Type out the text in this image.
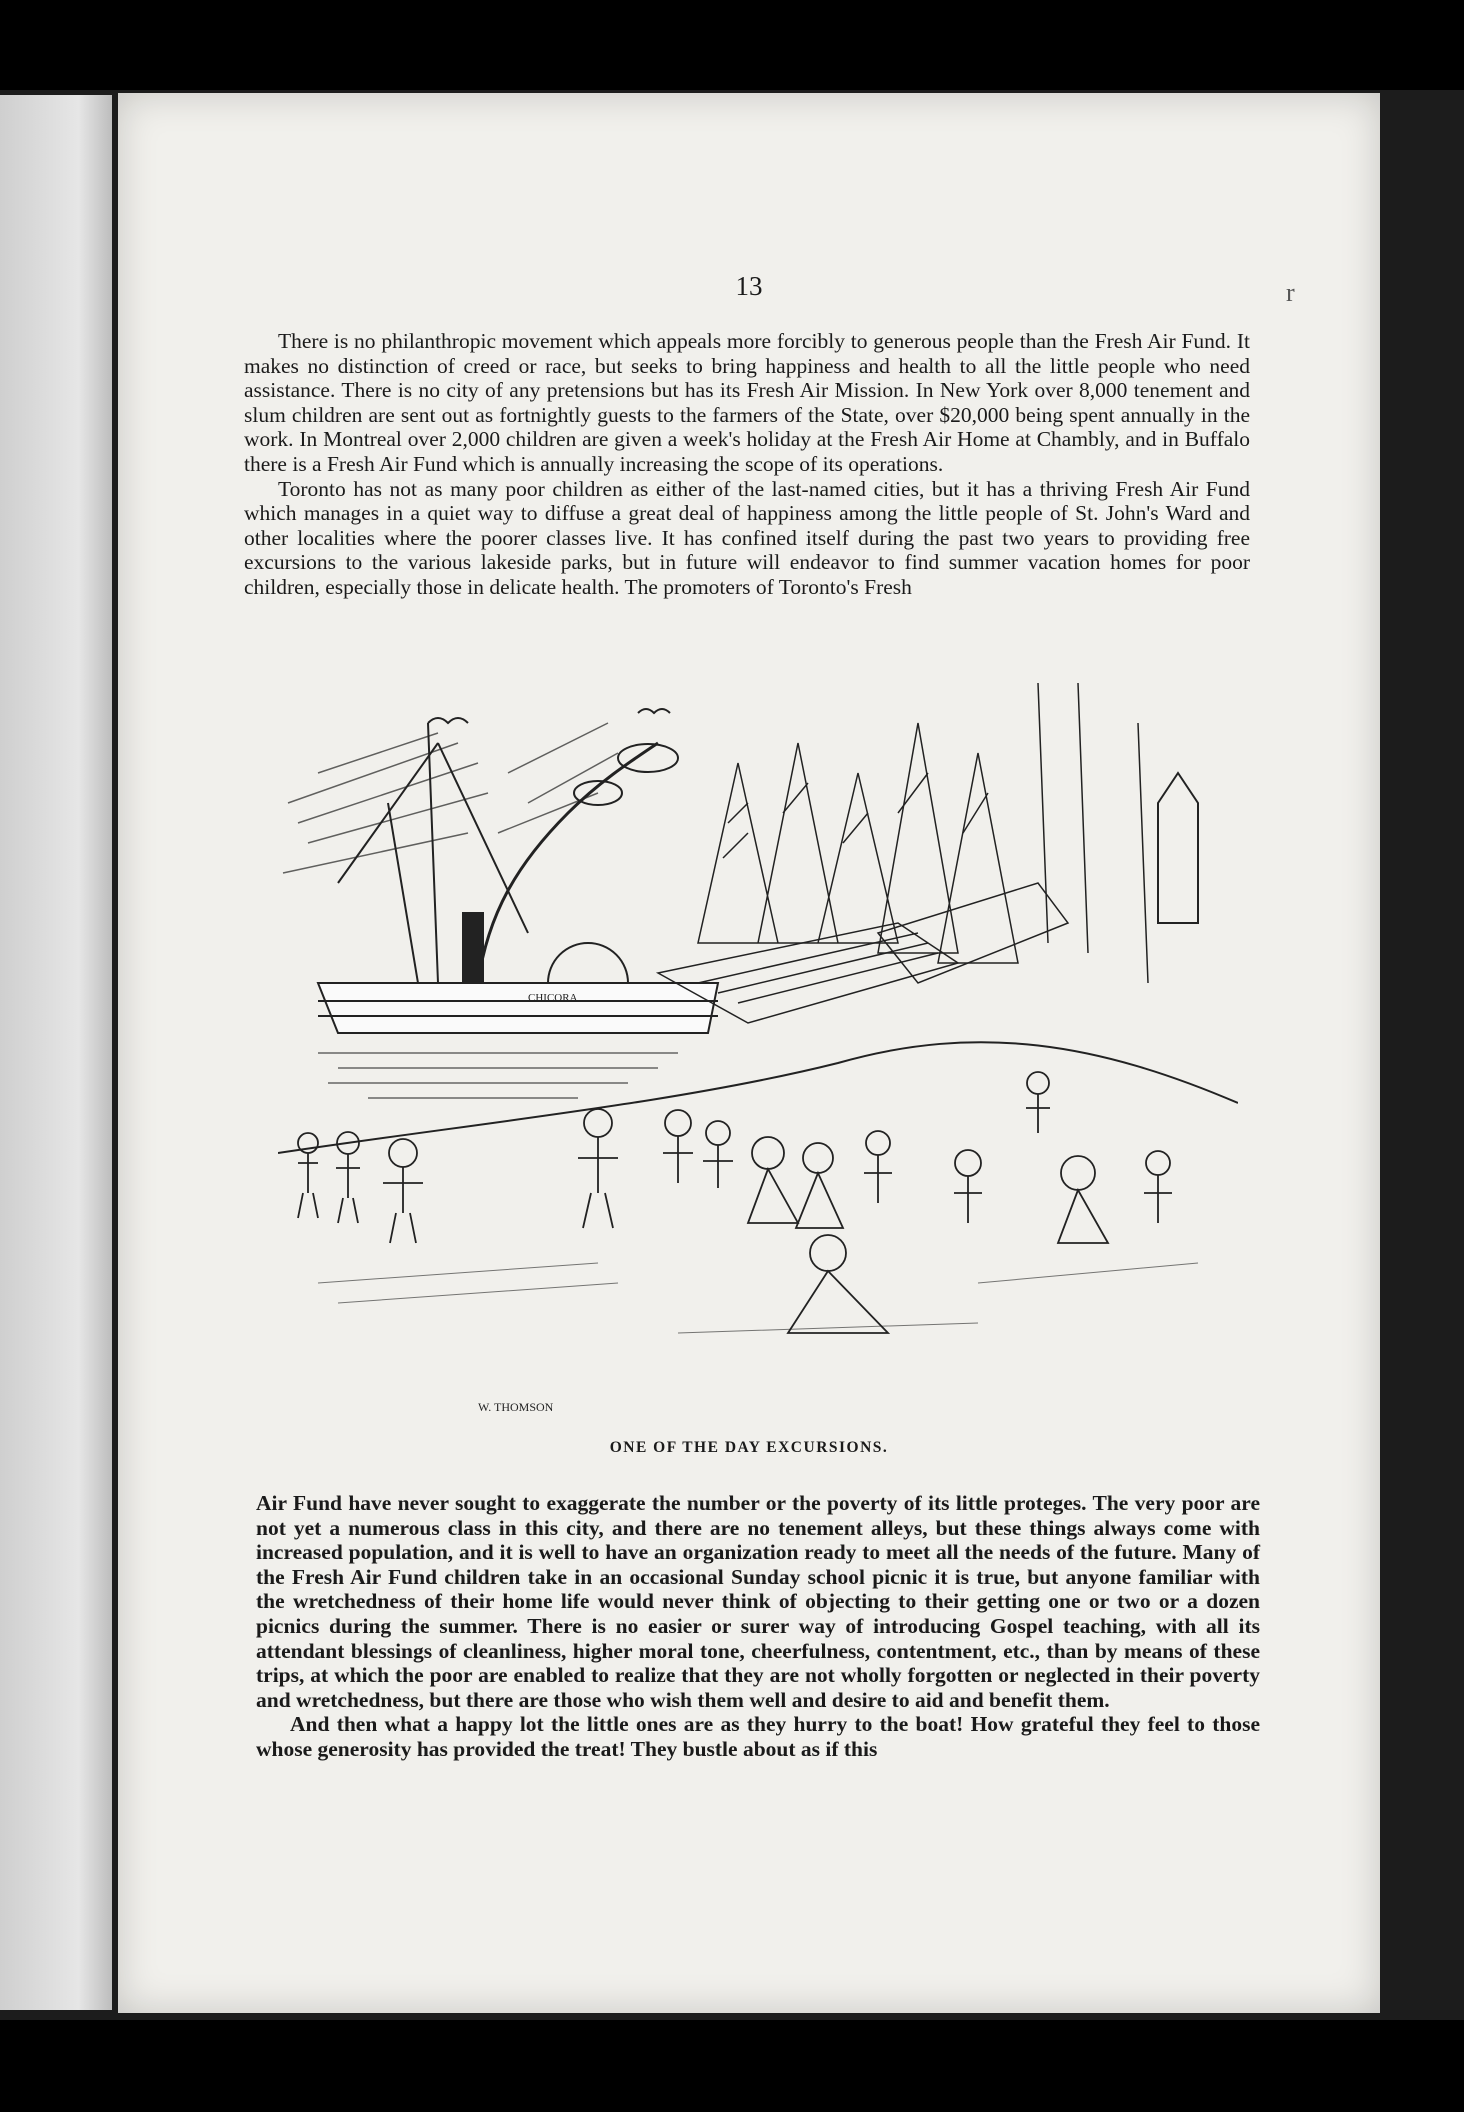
13	r

There is no philanthropic movement which appeals more forcibly to generous people than the Fresh Air Fund. It makes no distinction of creed or race, but seeks to bring happiness and health to all the little people who need assistance. There is no city of any pretensions but has its Fresh Air Mission. In New York over 8,000 tenement and slum children are sent out as fortnightly guests to the farmers of the State, over $20,000 being spent annually in the work. In Montreal over 2,000 children are given a week's holiday at the Fresh Air Home at Chambly, and in Buffalo there is a Fresh Air Fund which is annually increasing the scope of its operations.

Toronto has not as many poor children as either of the last-named cities, but it has a thriving Fresh Air Fund which manages in a quiet way to diffuse a great deal of happiness among the little people of St. John's Ward and other localities where the poorer classes live. It has confined itself during the past two years to providing free excursions to the various lakeside parks, but in future will endeavor to find summer vacation homes for poor children, especially those in delicate health. The promoters of Toronto's Fresh

CHICORA
W. THOMSON
ONE OF THE DAY EXCURSIONS.

Air Fund have never sought to exaggerate the number or the poverty of its little proteges. The very poor are not yet a numerous class in this city, and there are no tenement alleys, but these things always come with increased population, and it is well to have an organization ready to meet all the needs of the future. Many of the Fresh Air Fund children take in an occasional Sunday school picnic it is true, but anyone familiar with the wretchedness of their home life would never think of objecting to their getting one or two or a dozen picnics during the summer. There is no easier or surer way of introducing Gospel teaching, with all its attendant blessings of cleanliness, higher moral tone, cheerfulness, contentment, etc., than by means of these trips, at which the poor are enabled to realize that they are not wholly forgotten or neglected in their poverty and wretchedness, but there are those who wish them well and desire to aid and benefit them.

And then what a happy lot the little ones are as they hurry to the boat! How grateful they feel to those whose generosity has provided the treat! They bustle about as if this
